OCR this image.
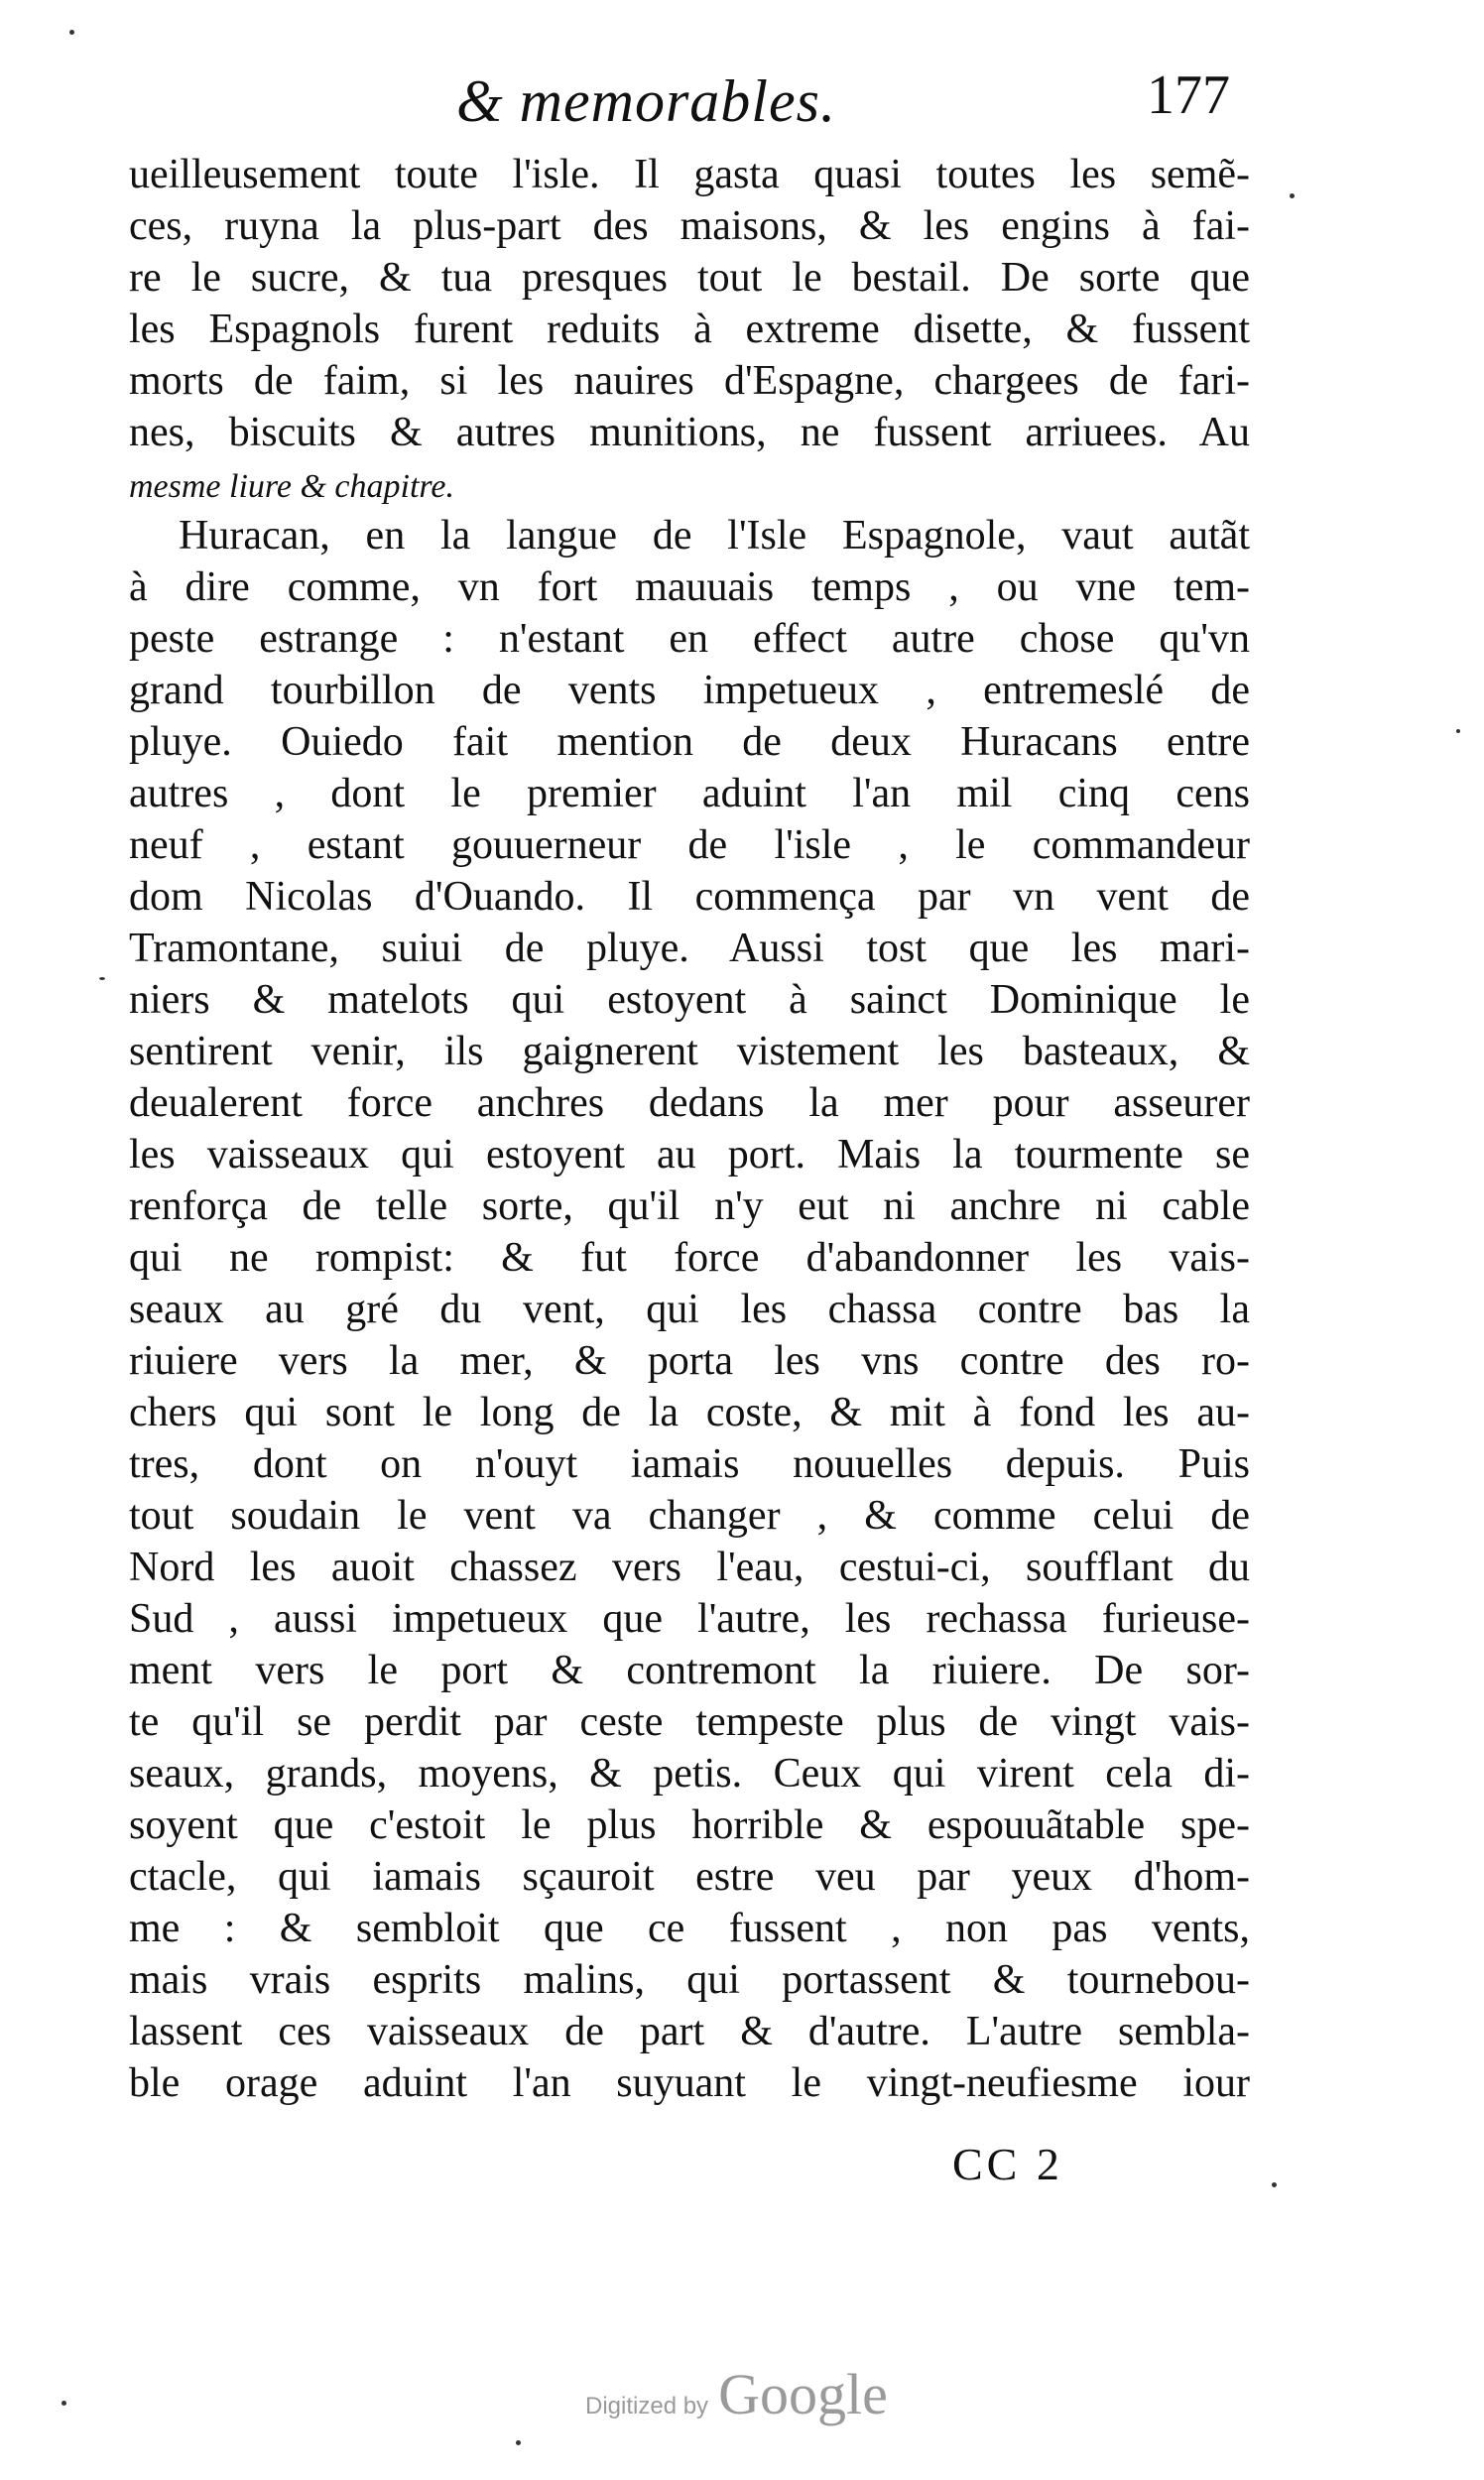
& memorables.	177
ueilleusement toute l'isle. Il gasta quasi toutes les semẽ-
ces, ruyna la plus-part des maisons, & les engins à fai-
re le sucre, & tua presques tout le bestail. De sorte que
les Espagnols furent reduits à extreme disette, & fussent
morts de faim, si les nauires d'Espagne, chargees de fari-
nes, biscuits & autres munitions, ne fussent arriuees. Au
mesme liure & chapitre.
Huracan, en la langue de l'Isle Espagnole, vaut autãt
à dire comme, vn fort mauuais temps , ou vne tem-
peste estrange : n'estant en effect autre chose qu'vn
grand tourbillon de vents impetueux , entremeslé de
pluye. Ouiedo fait mention de deux Huracans entre
autres , dont le premier aduint l'an mil cinq cens
neuf , estant gouuerneur de l'isle , le commandeur
dom Nicolas d'Ouando. Il commença par vn vent de
Tramontane, suiui de pluye. Aussi tost que les mari-
niers & matelots qui estoyent à sainct Dominique le
sentirent venir, ils gaignerent vistement les basteaux, &
deualerent force anchres dedans la mer pour asseurer
les vaisseaux qui estoyent au port. Mais la tourmente se
renforça de telle sorte, qu'il n'y eut ni anchre ni cable
qui ne rompist: & fut force d'abandonner les vais-
seaux au gré du vent, qui les chassa contre bas la
riuiere vers la mer, & porta les vns contre des ro-
chers qui sont le long de la coste, & mit à fond les au-
tres, dont on n'ouyt iamais nouuelles depuis. Puis
tout soudain le vent va changer , & comme celui de
Nord les auoit chassez vers l'eau, cestui-ci, soufflant du
Sud , aussi impetueux que l'autre, les rechassa furieuse-
ment vers le port & contremont la riuiere. De sor-
te qu'il se perdit par ceste tempeste plus de vingt vais-
seaux, grands, moyens, & petis. Ceux qui virent cela di-
soyent que c'estoit le plus horrible & espouuãtable spe-
ctacle, qui iamais sçauroit estre veu par yeux d'hom-
me : & sembloit que ce fussent , non pas vents,
mais vrais esprits malins, qui portassent & tournebou-
lassent ces vaisseaux de part & d'autre. L'autre sembla-
ble orage aduint l'an suyuant le vingt-neufiesme iour
CC 2
Digitized by Google
